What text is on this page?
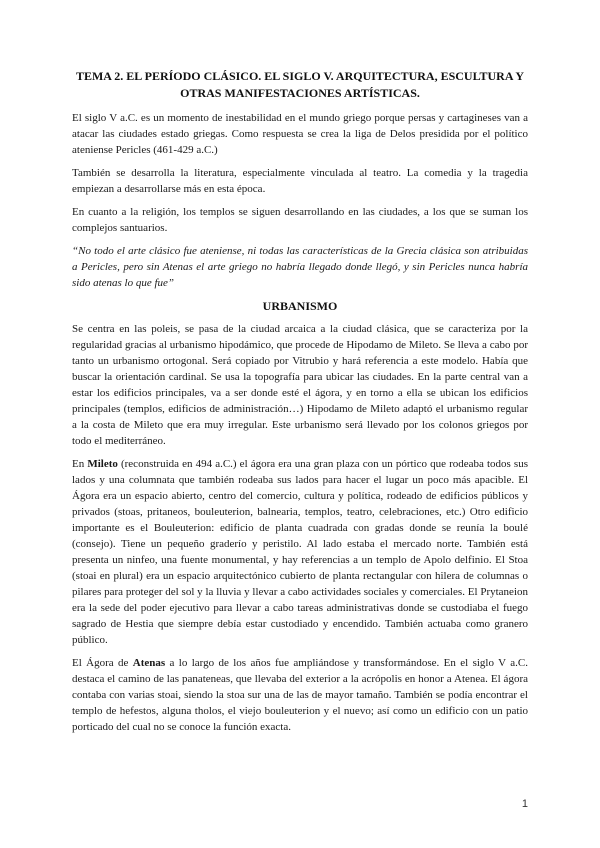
TEMA 2. EL PERÍODO CLÁSICO. EL SIGLO V. ARQUITECTURA, ESCULTURA Y OTRAS MANIFESTACIONES ARTÍSTICAS.

El siglo V a.C. es un momento de inestabilidad en el mundo griego porque persas y cartagineses van a atacar las ciudades estado griegas. Como respuesta se crea la liga de Delos presidida por el político ateniense Pericles (461-429 a.C.)

También se desarrolla la literatura, especialmente vinculada al teatro. La comedia y la tragedia empiezan a desarrollarse más en esta época.

En cuanto a la religión, los templos se siguen desarrollando en las ciudades, a los que se suman los complejos santuarios.

“No todo el arte clásico fue ateniense, ni todas las características de la Grecia clásica son atribuidas a Pericles, pero sin Atenas el arte griego no habría llegado donde llegó, y sin Pericles nunca habría sido atenas lo que fue”

URBANISMO

Se centra en las poleis, se pasa de la ciudad arcaica a la ciudad clásica, que se caracteriza por la regularidad gracias al urbanismo hipodámico, que procede de Hipodamo de Mileto. Se lleva a cabo por tanto un urbanismo ortogonal. Será copiado por Vitrubio y hará referencia a este modelo. Había que buscar la orientación cardinal. Se usa la topografía para ubicar las ciudades. En la parte central van a estar los edificios principales, va a ser donde esté el ágora, y en torno a ella se ubican los edificios principales (templos, edificios de administración…) Hipodamo de Mileto adaptó el urbanismo regular a la costa de Mileto que era muy irregular. Este urbanismo será llevado por los colonos griegos por todo el mediterráneo.

En Mileto (reconstruida en 494 a.C.) el ágora era una gran plaza con un pórtico que rodeaba todos sus lados y una columnata que también rodeaba sus lados para hacer el lugar un poco más apacible. El Ágora era un espacio abierto, centro del comercio, cultura y política, rodeado de edificios públicos y privados (stoas, pritaneos, bouleuterion, balnearia, templos, teatro, celebraciones, etc.) Otro edificio importante es el Bouleuterion: edificio de planta cuadrada con gradas donde se reunía la boulé (consejo). Tiene un pequeño graderío y peristilo. Al lado estaba el mercado norte. También está presenta un ninfeo, una fuente monumental, y hay referencias a un templo de Apolo delfinio. El Stoa (stoai en plural) era un espacio arquitectónico cubierto de planta rectangular con hilera de columnas o pilares para proteger del sol y la lluvia y llevar a cabo actividades sociales y comerciales. El Prytaneion era la sede del poder ejecutivo para llevar a cabo tareas administrativas donde se custodiaba el fuego sagrado de Hestia que siempre debía estar custodiado y encendido. También actuaba como granero público.

El Ágora de Atenas a lo largo de los años fue ampliándose y transformándose. En el siglo V a.C. destaca el camino de las panateneas, que llevaba del exterior a la acrópolis en honor a Atenea. El ágora contaba con varias stoai, siendo la stoa sur una de las de mayor tamaño. También se podía encontrar el templo de hefestos, alguna tholos, el viejo bouleuterion y el nuevo; así como un edificio con un patio porticado del cual no se conoce la función exacta.

1
